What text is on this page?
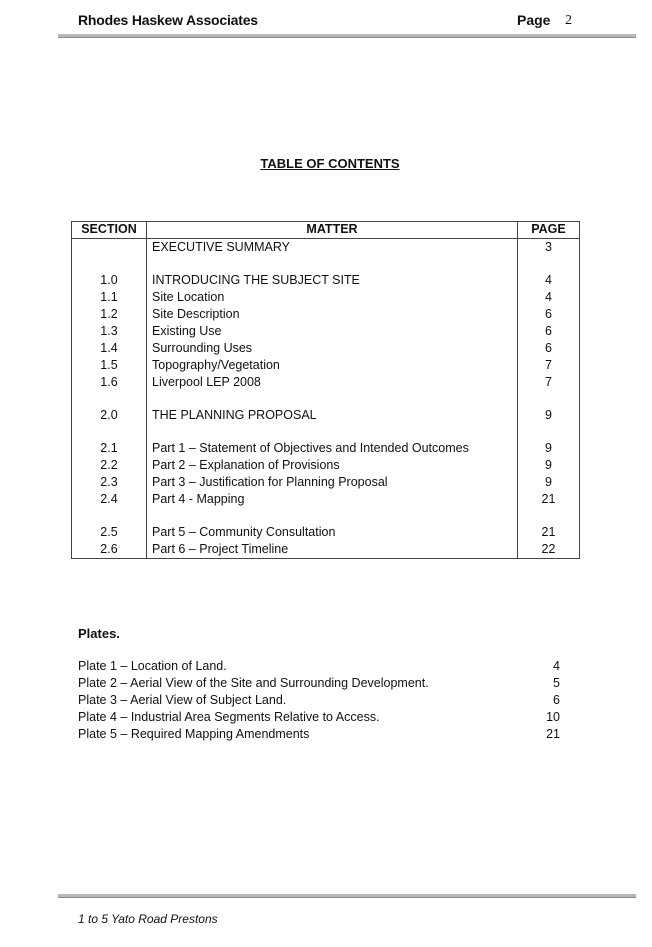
Rhodes Haskew Associates	Page 2
TABLE OF CONTENTS
SECTION	MATTER	PAGE
	EXECUTIVE SUMMARY	3
1.0	INTRODUCING THE SUBJECT SITE	4
1.1	Site Location	4
1.2	Site Description	6
1.3	Existing Use	6
1.4	Surrounding Uses	6
1.5	Topography/Vegetation	7
1.6	Liverpool LEP 2008	7
2.0	THE PLANNING PROPOSAL	9
2.1	Part 1 – Statement of Objectives and Intended Outcomes	9
2.2	Part 2 – Explanation of Provisions	9
2.3	Part 3 – Justification for Planning Proposal	9
2.4	Part 4 - Mapping	21
2.5	Part 5 – Community Consultation	21
2.6	Part 6 – Project Timeline	22
Plates.
Plate 1 – Location of Land.	4
Plate 2 – Aerial View of the Site and Surrounding Development.	5
Plate 3 – Aerial View of Subject Land.	6
Plate 4 – Industrial Area Segments Relative to Access.	10
Plate 5 – Required Mapping Amendments	21
1 to 5 Yato Road Prestons
